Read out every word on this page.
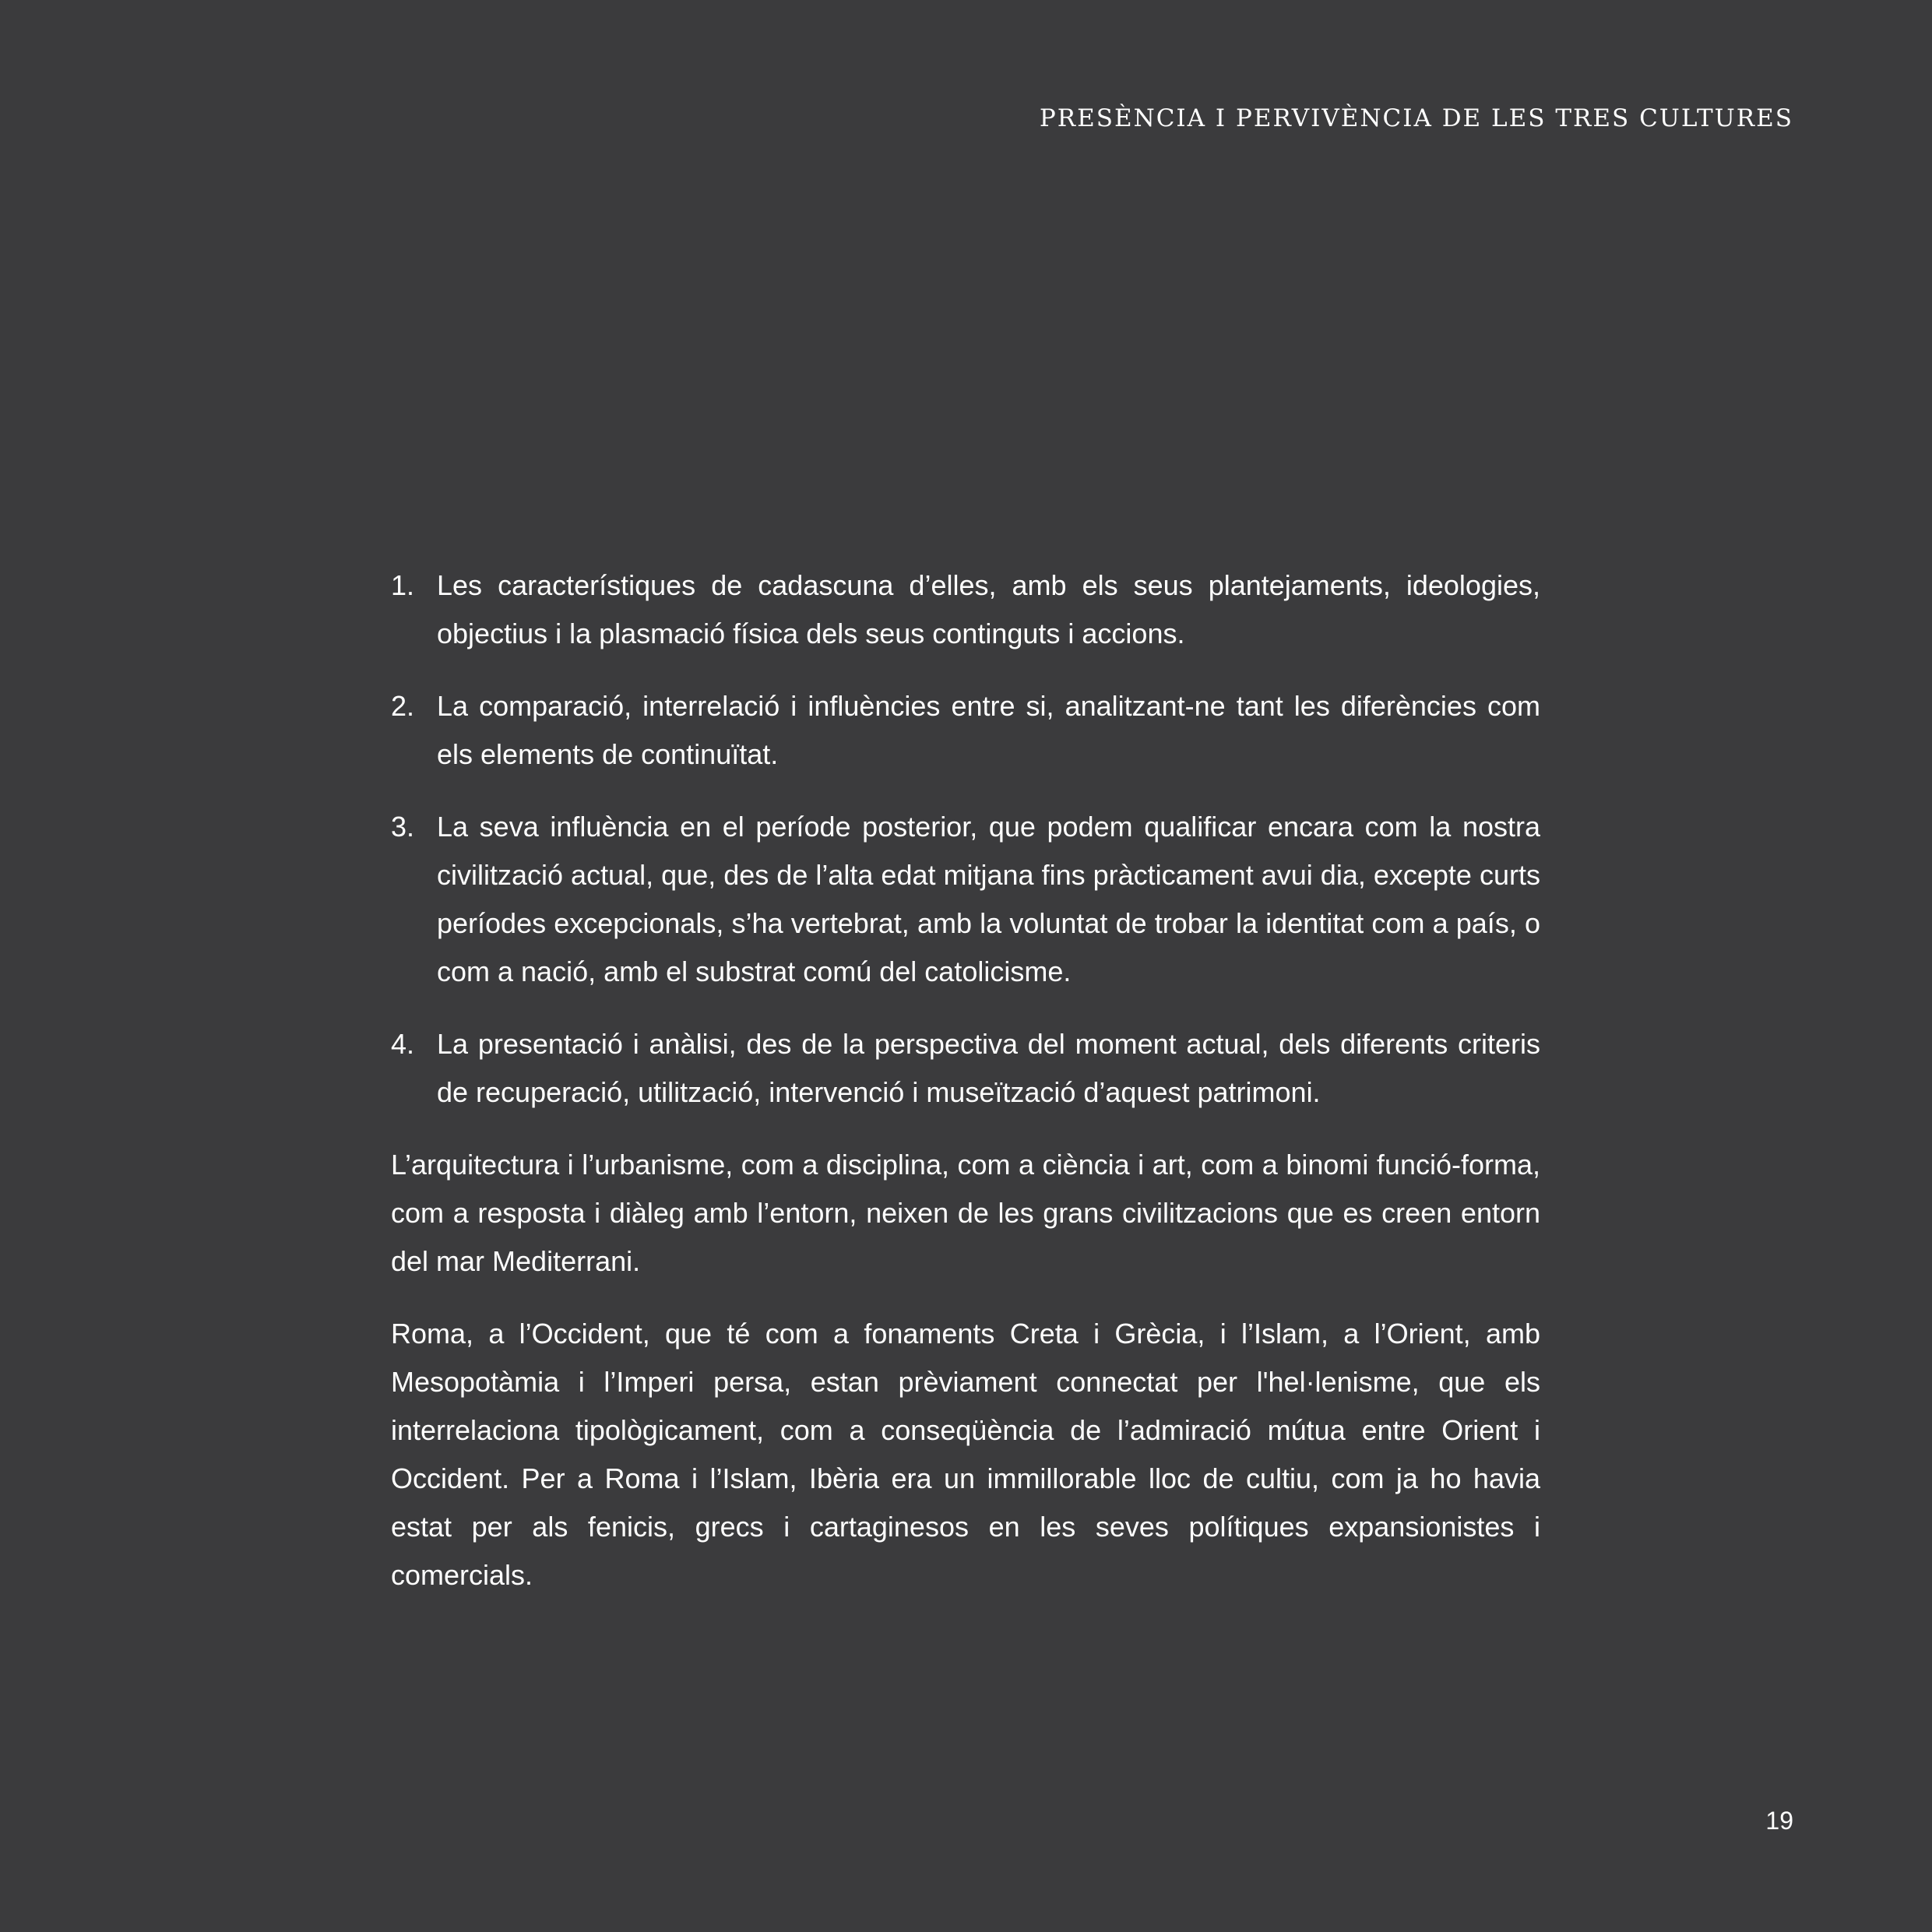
PRESÈNCIA I PERVIVÈNCIA DE LES TRES CULTURES
1. Les característiques de cadascuna d’elles, amb els seus plantejaments, ideologies, objectius i la plasmació física dels seus continguts i accions.

2. La comparació, interrelació i influències entre si, analitzant-ne tant les diferències com els elements de continuïtat.

3. La seva influència en el període posterior, que podem qualificar encara com la nostra civilització actual, que, des de l’alta edat mitjana fins pràcticament avui dia, excepte curts períodes excepcionals, s’ha vertebrat, amb la voluntat de trobar la identitat com a país, o com a nació, amb el substrat comú del catolicisme.

4. La presentació i anàlisi, des de la perspectiva del moment actual, dels diferents criteris de recuperació, utilització, intervenció i museïtzació d’aquest patrimoni.

L’arquitectura i l’urbanisme, com a disciplina, com a ciència i art, com a binomi funció-forma, com a resposta i diàleg amb l’entorn, neixen de les grans civilitzacions que es creen entorn del mar Mediterrani.

Roma, a l’Occident, que té com a fonaments Creta i Grècia, i l’Islam, a l’Orient, amb Mesopotàmia i l’Imperi persa, estan prèviament connectat per l'hel·lenisme, que els interrelaciona tipològicament, com a conseqüència de l’admiració mútua entre Orient i Occident. Per a Roma i l’Islam, Ibèria era un immillorable lloc de cultiu, com ja ho havia estat per als fenicis, grecs i cartaginesos en les seves polítiques expansionistes i comercials.

19
